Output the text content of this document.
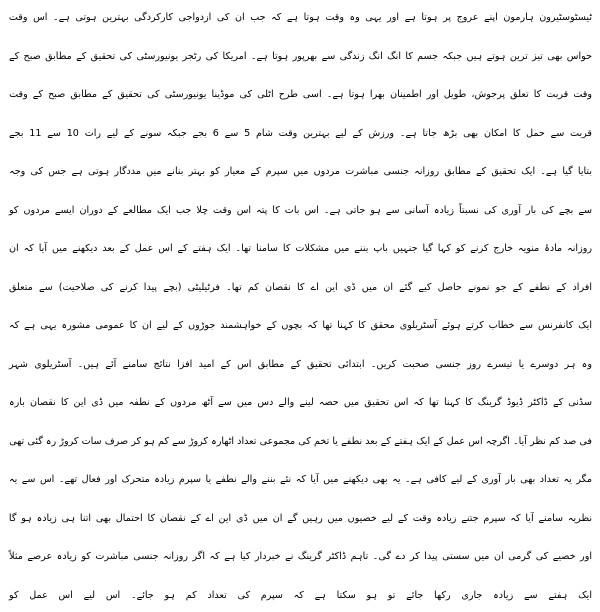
ٹیسٹوسٹیرون ہارمون اپنے عروج پر ہوتا ہے اور یہی وہ وقت ہوتا ہے کہ جب ان کی ازدواجی کارکردگی بہترین ہوتی ہے۔ اس وقت
حواس بھی تیز ترین ہوتے ہیں جبکہ جسم کا انگ انگ زندگی سے بھرپور ہوتا ہے۔ امریکا کی رٹجر یونیورسٹی کی تحقیق کے مطابق صبح کے
وقت قربت کا تعلق پرجوش، طویل اور اطمینان بھرا ہوتا ہے۔ اسی طرح اٹلی کی موڈینا یونیورسٹی کی تحقیق کے مطابق صبح کے وقت
قربت سے حمل کا امکان بھی بڑھ جاتا ہے۔ ورزش کے لیے بہترین وقت شام 5 سے 6 بجے جبکہ سونے کے لیے رات 10 سے 11 بجے
بتایا گیا ہے۔ ایک تحقیق کے مطابق روزانہ جنسی مباشرت مردوں میں سپرم کے معیار کو بہتر بنانے میں مددگار ہوتی ہے جس کی وجہ
سے بچے کی بار آوری کی نسبتاً زیادہ آسانی سے ہو جاتی ہے۔ اس بات کا پتہ اس وقت چلا جب ایک مطالعے کے دوران ایسے مردوں کو
روزانہ مادۂ منویہ خارج کرنے کو کہا گیا جنہیں باپ بننے میں مشکلات کا سامنا تھا۔ ایک ہفتے کے اس عمل کے بعد دیکھنے میں آیا کہ ان
افراد کے نطفے کے جو نمونے حاصل کیے گئے ان میں ڈی این اے کا نقصان کم تھا۔ فرٹیلیٹی (بچے پیدا کرنے کی صلاحیت) سے متعلق
ایک کانفرنس سے خطاب کرتے ہوئے آسٹریلوی محقق کا کہنا تھا کہ بچوں کے خواہشمند جوڑوں کے لیے ان کا عمومی مشورہ یہی ہے کہ
وہ ہر دوسرے یا تیسرے روز جنسی صحبت کریں۔ ابتدائی تحقیق کے مطابق اس کے امید افزا نتائج سامنے آئے ہیں۔ آسٹریلوی شہر
سڈنی کے ڈاکٹر ڈیوڈ گرینگ کا کہنا تھا کہ اس تحقیق میں حصہ لینے والے دس میں سے آٹھ مردوں کے نطفہ میں ڈی این کا نقصان بارہ
فی صد کم نظر آیا۔ اگرچہ اس عمل کے ایک ہفتے کے بعد نطفے یا تخم کی مجموعی تعداد اٹھارہ کروڑ سے کم ہو کر صرف سات کروڑ رہ گئی تھی
مگر یہ تعداد بھی بار آوری کے لیے کافی ہے۔ یہ بھی دیکھنے میں آیا کہ نئے بننے والے نطفے یا سپرم زیادہ متحرک اور فعال تھے۔ اس سے یہ
نظریہ سامنے آیا کہ سپرم جتنے زیادہ وقت کے لیے خصیوں میں رہیں گے ان میں ڈی این اے کے نقصان کا احتمال بھی اتنا ہی زیادہ ہو گا
اور خصیے کی گرمی ان میں سستی پیدا کر دے گی۔ تاہم ڈاکٹر گرینگ نے خبردار کیا ہے کہ اگر روزانہ جنسی مباشرت کو زیادہ عرصے مثلاً
ایک ہفتے سے زیادہ جاری رکھا جائے تو ہو سکتا ہے کہ سپرم کی تعداد کم ہو جائے۔ اس لیے اس عمل کو
